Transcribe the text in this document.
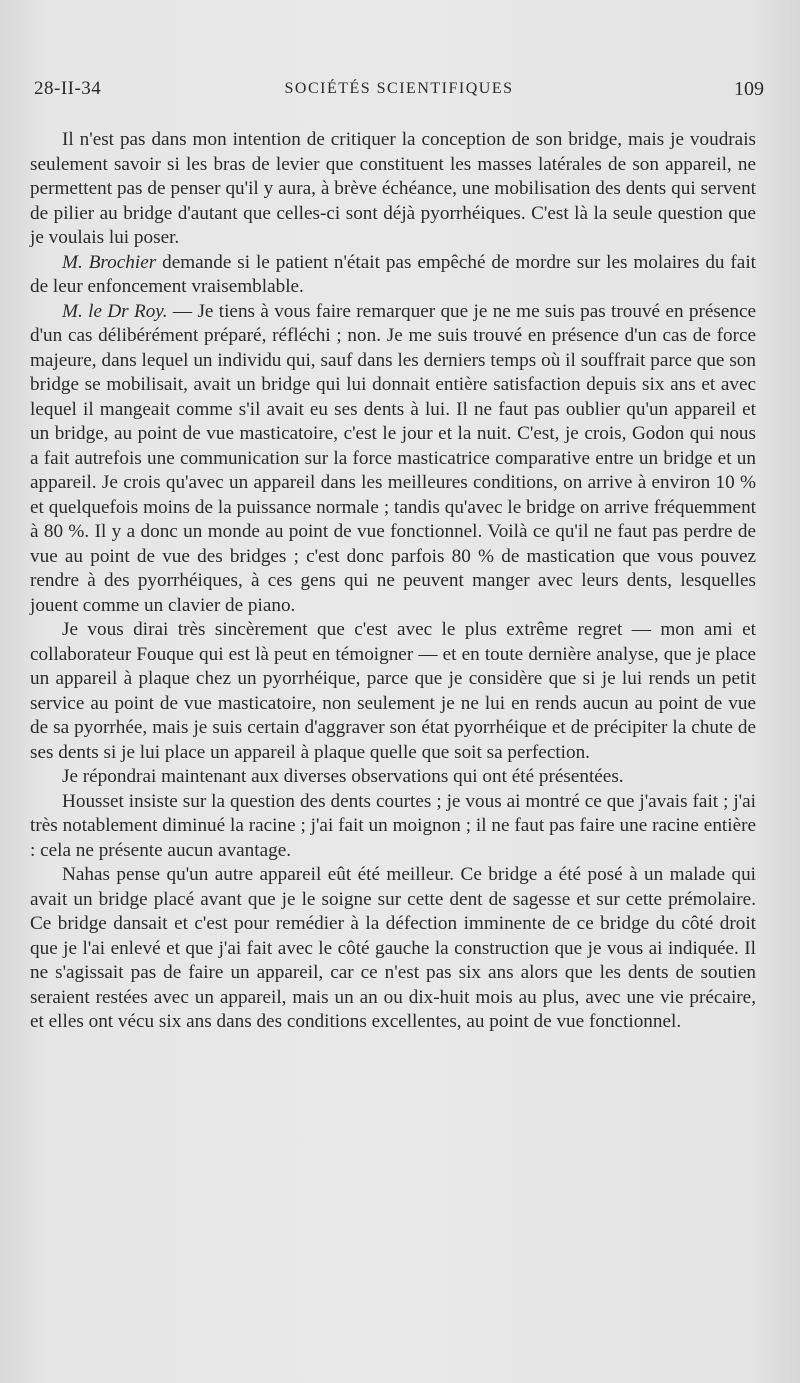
28-II-34	SOCIÉTÉS SCIENTIFIQUES	109

Il n'est pas dans mon intention de critiquer la conception de son bridge, mais je voudrais seulement savoir si les bras de levier que constituent les masses latérales de son appareil, ne permettent pas de penser qu'il y aura, à brève échéance, une mobilisation des dents qui servent de pilier au bridge d'autant que celles-ci sont déjà pyorrhéiques. C'est là la seule question que je voulais lui poser.

M. Brochier demande si le patient n'était pas empêché de mordre sur les molaires du fait de leur enfoncement vraisemblable.

M. le Dr Roy. — Je tiens à vous faire remarquer que je ne me suis pas trouvé en présence d'un cas délibérément préparé, réfléchi ; non. Je me suis trouvé en présence d'un cas de force majeure, dans lequel un individu qui, sauf dans les derniers temps où il souffrait parce que son bridge se mobilisait, avait un bridge qui lui donnait entière satisfaction depuis six ans et avec lequel il mangeait comme s'il avait eu ses dents à lui. Il ne faut pas oublier qu'un appareil et un bridge, au point de vue masticatoire, c'est le jour et la nuit. C'est, je crois, Godon qui nous a fait autrefois une communication sur la force masticatrice comparative entre un bridge et un appareil. Je crois qu'avec un appareil dans les meilleures conditions, on arrive à environ 10 % et quelquefois moins de la puissance normale ; tandis qu'avec le bridge on arrive fréquemment à 80 %. Il y a donc un monde au point de vue fonctionnel. Voilà ce qu'il ne faut pas perdre de vue au point de vue des bridges ; c'est donc parfois 80 % de mastication que vous pouvez rendre à des pyorrhéiques, à ces gens qui ne peuvent manger avec leurs dents, lesquelles jouent comme un clavier de piano.

Je vous dirai très sincèrement que c'est avec le plus extrême regret — mon ami et collaborateur Fouque qui est là peut en témoigner — et en toute dernière analyse, que je place un appareil à plaque chez un pyorrhéique, parce que je considère que si je lui rends un petit service au point de vue masticatoire, non seulement je ne lui en rends aucun au point de vue de sa pyorrhée, mais je suis certain d'aggraver son état pyorrhéique et de précipiter la chute de ses dents si je lui place un appareil à plaque quelle que soit sa perfection.

Je répondrai maintenant aux diverses observations qui ont été présentées.

Housset insiste sur la question des dents courtes ; je vous ai montré ce que j'avais fait ; j'ai très notablement diminué la racine ; j'ai fait un moignon ; il ne faut pas faire une racine entière : cela ne présente aucun avantage.

Nahas pense qu'un autre appareil eût été meilleur. Ce bridge a été posé à un malade qui avait un bridge placé avant que je le soigne sur cette dent de sagesse et sur cette prémolaire. Ce bridge dansait et c'est pour remédier à la défection imminente de ce bridge du côté droit que je l'ai enlevé et que j'ai fait avec le côté gauche la construction que je vous ai indiquée. Il ne s'agissait pas de faire un appareil, car ce n'est pas six ans alors que les dents de soutien seraient restées avec un appareil, mais un an ou dix-huit mois au plus, avec une vie précaire, et elles ont vécu six ans dans des conditions excellentes, au point de vue fonctionnel.
